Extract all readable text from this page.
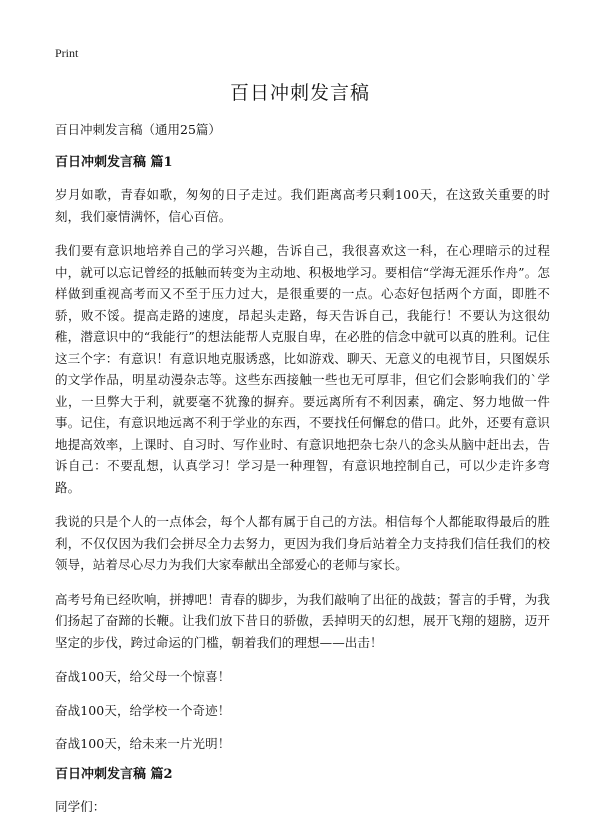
Print
百日冲刺发言稿

百日冲刺发言稿（通用25篇）

百日冲刺发言稿 篇1

岁月如歌，青春如歌，匆匆的日子走过。我们距离高考只剩100天，在这致关重要的时刻，我们豪情满怀，信心百倍。

我们要有意识地培养自己的学习兴趣，告诉自己，我很喜欢这一科，在心理暗示的过程中，就可以忘记曾经的抵触而转变为主动地、积极地学习。要相信“学海无涯乐作舟”。怎样做到重视高考而又不至于压力过大，是很重要的一点。心态好包括两个方面，即胜不骄，败不馁。提高走路的速度，昂起头走路，每天告诉自己，我能行！不要认为这很幼稚，潜意识中的“我能行”的想法能帮人克服自卑，在必胜的信念中就可以真的胜利。记住这三个字：有意识！有意识地克服诱惑，比如游戏、聊天、无意义的电视节目，只图娱乐的文学作品，明星动漫杂志等。这些东西接触一些也无可厚非，但它们会影响我们的`学业，一旦弊大于利，就要毫不犹豫的摒弃。要远离所有不利因素，确定、努力地做一件事。记住，有意识地远离不利于学业的东西，不要找任何懈怠的借口。此外，还要有意识地提高效率，上课时、自习时、写作业时、有意识地把杂七杂八的念头从脑中赶出去，告诉自己：不要乱想，认真学习！学习是一种理智，有意识地控制自己，可以少走许多弯路。

我说的只是个人的一点体会，每个人都有属于自己的方法。相信每个人都能取得最后的胜利，不仅仅因为我们会拼尽全力去努力，更因为我们身后站着全力支持我们信任我们的校领导，站着尽心尽力为我们大家奉献出全部爱心的老师与家长。

高考号角已经吹响，拼搏吧！青春的脚步，为我们敲响了出征的战鼓；誓言的手臂，为我们扬起了奋蹄的长鞭。让我们放下昔日的骄傲，丢掉明天的幻想，展开飞翔的翅膀，迈开坚定的步伐，跨过命运的门槛，朝着我们的理想——出击！

奋战100天，给父母一个惊喜！

奋战100天，给学校一个奇迹！

奋战100天，给未来一片光明！

百日冲刺发言稿 篇2

同学们：
